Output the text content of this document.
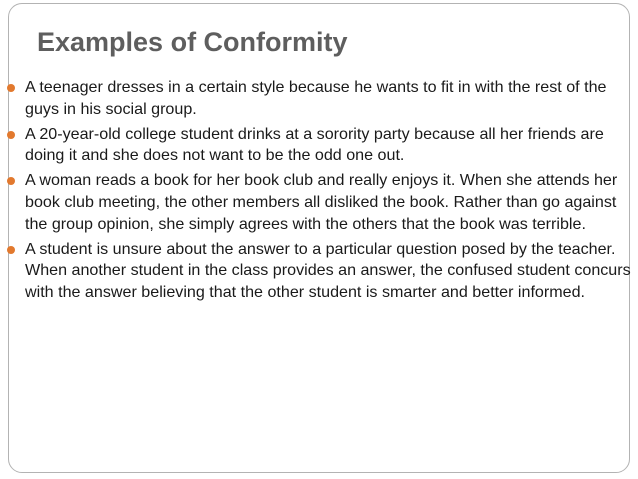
Examples of Conformity
A teenager dresses in a certain style because he wants to fit in with the rest of the guys in his social group.
A 20-year-old college student drinks at a sorority party because all her friends are doing it and she does not want to be the odd one out.
A woman reads a book for her book club and really enjoys it. When she attends her book club meeting, the other members all disliked the book. Rather than go against the group opinion, she simply agrees with the others that the book was terrible.
A student is unsure about the answer to a particular question posed by the teacher. When another student in the class provides an answer, the confused student concurs with the answer believing that the other student is smarter and better informed.
